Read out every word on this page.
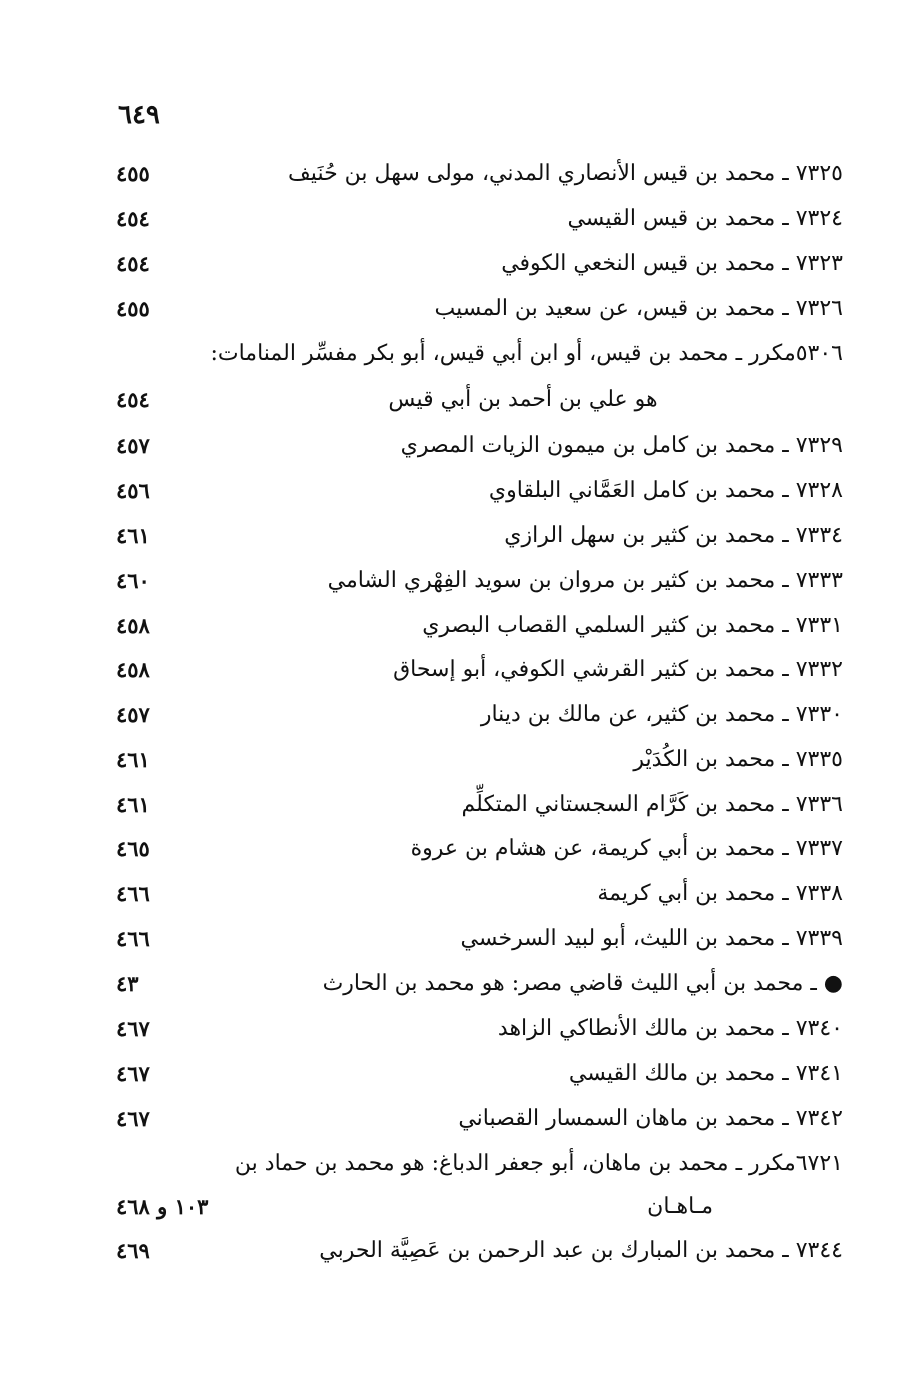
٦٤٩
٧٣٢٥ ـ محمد بن قيس الأنصاري المدني، مولى سهل بن حُنَيف
٤٥٥
٧٣٢٤ ـ محمد بن قيس القيسي
٤٥٤
٧٣٢٣ ـ محمد بن قيس النخعي الكوفي
٤٥٤
٧٣٢٦ ـ محمد بن قيس، عن سعيد بن المسيب
٤٥٥
٥٣٠٦مكرر ـ محمد بن قيس، أو ابن أبي قيس، أبو بكر مفسِّر المنامات:
هو علي بن أحمد بن أبي قيس
٤٥٤
٧٣٢٩ ـ محمد بن كامل بن ميمون الزيات المصري
٤٥٧
٧٣٢٨ ـ محمد بن كامل العَمَّاني البلقاوي
٤٥٦
٧٣٣٤ ـ محمد بن كثير بن سهل الرازي
٤٦١
٧٣٣٣ ـ محمد بن كثير بن مروان بن سويد الفِهْري الشامي
٤٦٠
٧٣٣١ ـ محمد بن كثير السلمي القصاب البصري
٤٥٨
٧٣٣٢ ـ محمد بن كثير القرشي الكوفي، أبو إسحاق
٤٥٨
٧٣٣٠ ـ محمد بن كثير، عن مالك بن دينار
٤٥٧
٧٣٣٥ ـ محمد بن الكُدَيْر
٤٦١
٧٣٣٦ ـ محمد بن كَرَّام السجستاني المتكلِّم
٤٦١
٧٣٣٧ ـ محمد بن أبي كريمة، عن هشام بن عروة
٤٦٥
٧٣٣٨ ـ محمد بن أبي كريمة
٤٦٦
٧٣٣٩ ـ محمد بن الليث، أبو لبيد السرخسي
٤٦٦
● ـ محمد بن أبي الليث قاضي مصر: هو محمد بن الحارث
٤٣
٧٣٤٠ ـ محمد بن مالك الأنطاكي الزاهد
٤٦٧
٧٣٤١ ـ محمد بن مالك القيسي
٤٦٧
٧٣٤٢ ـ محمد بن ماهان السمسار القصباني
٤٦٧
٦٧٢١مكرر ـ محمد بن ماهان، أبو جعفر الدباغ: هو محمد بن حماد بن
مـاهـان
١٠٣ و ٤٦٨
٧٣٤٤ ـ محمد بن المبارك بن عبد الرحمن بن عَصِيَّة الحربي
٤٦٩
